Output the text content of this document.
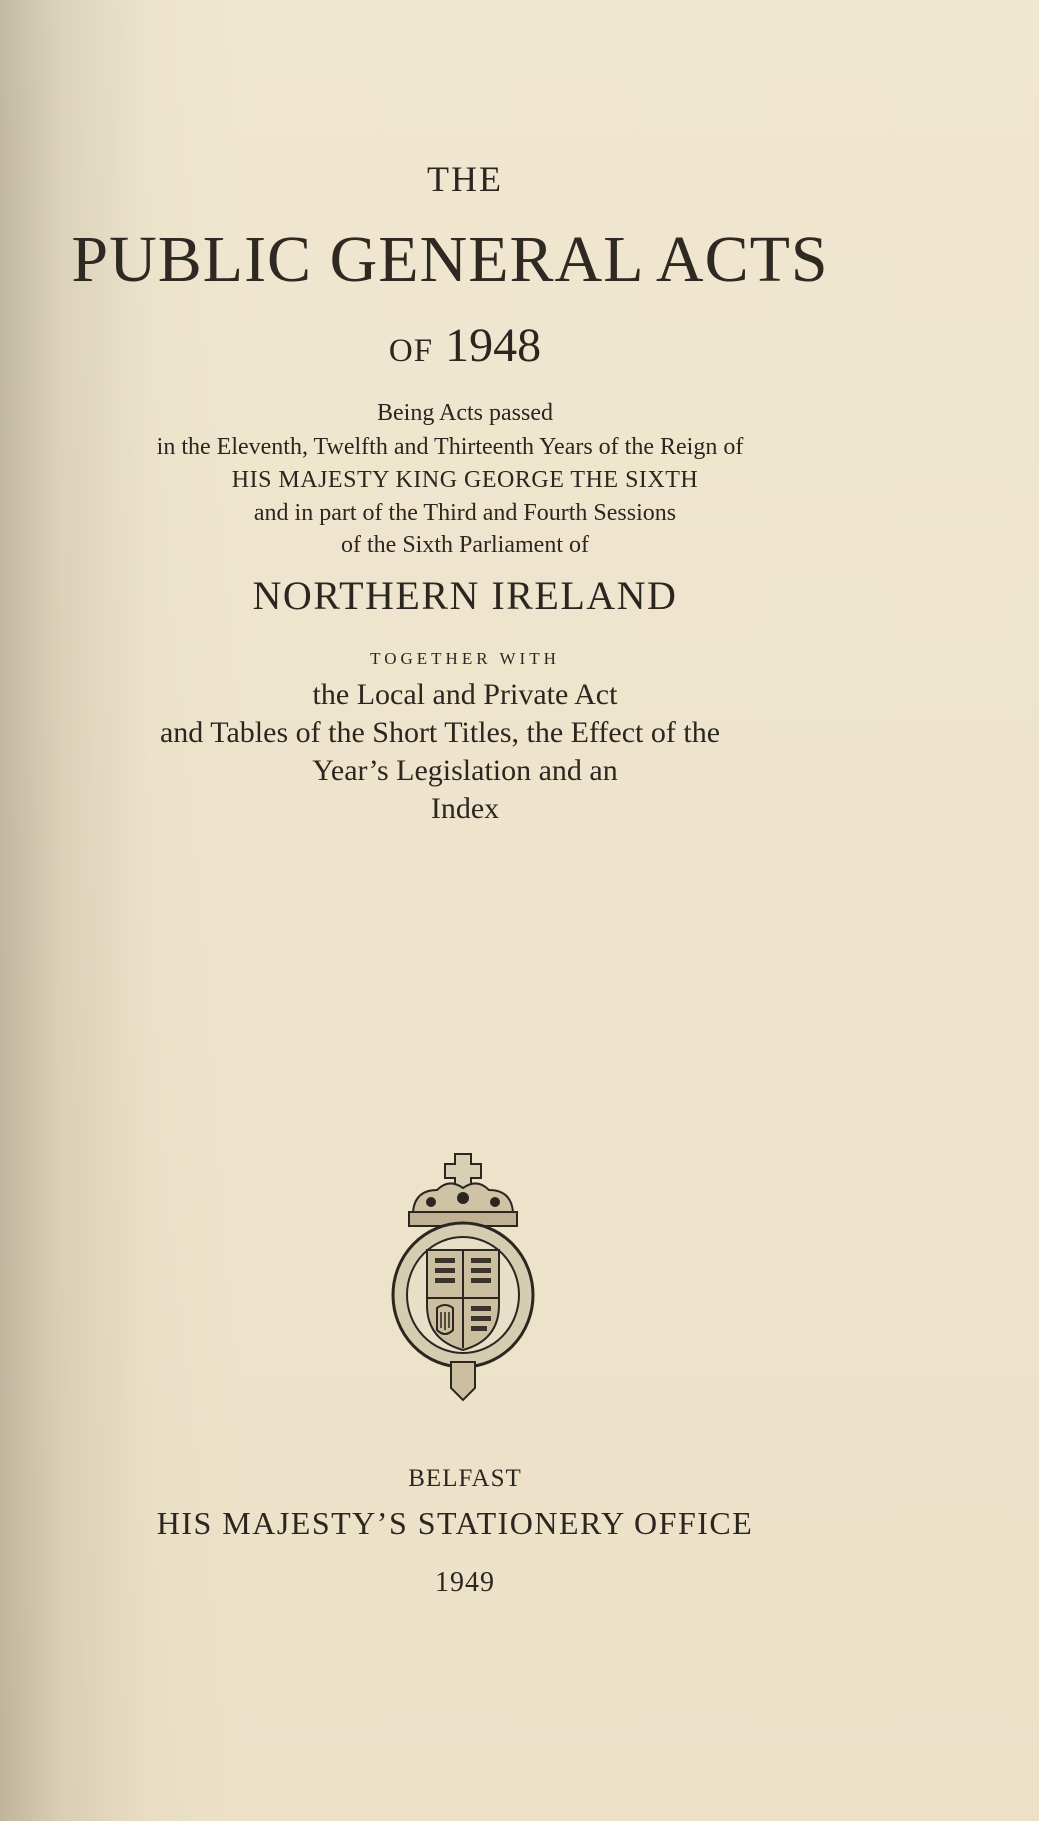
THE
PUBLIC GENERAL ACTS
OF 1948
Being Acts passed
in the Eleventh, Twelfth and Thirteenth Years of the Reign of
HIS MAJESTY KING GEORGE THE SIXTH
and in part of the Third and Fourth Sessions
of the Sixth Parliament of
NORTHERN IRELAND
TOGETHER WITH
the Local and Private Act
and Tables of the Short Titles, the Effect of the
Year’s Legislation and an
Index
BELFAST
HIS MAJESTY’S STATIONERY OFFICE
1949
